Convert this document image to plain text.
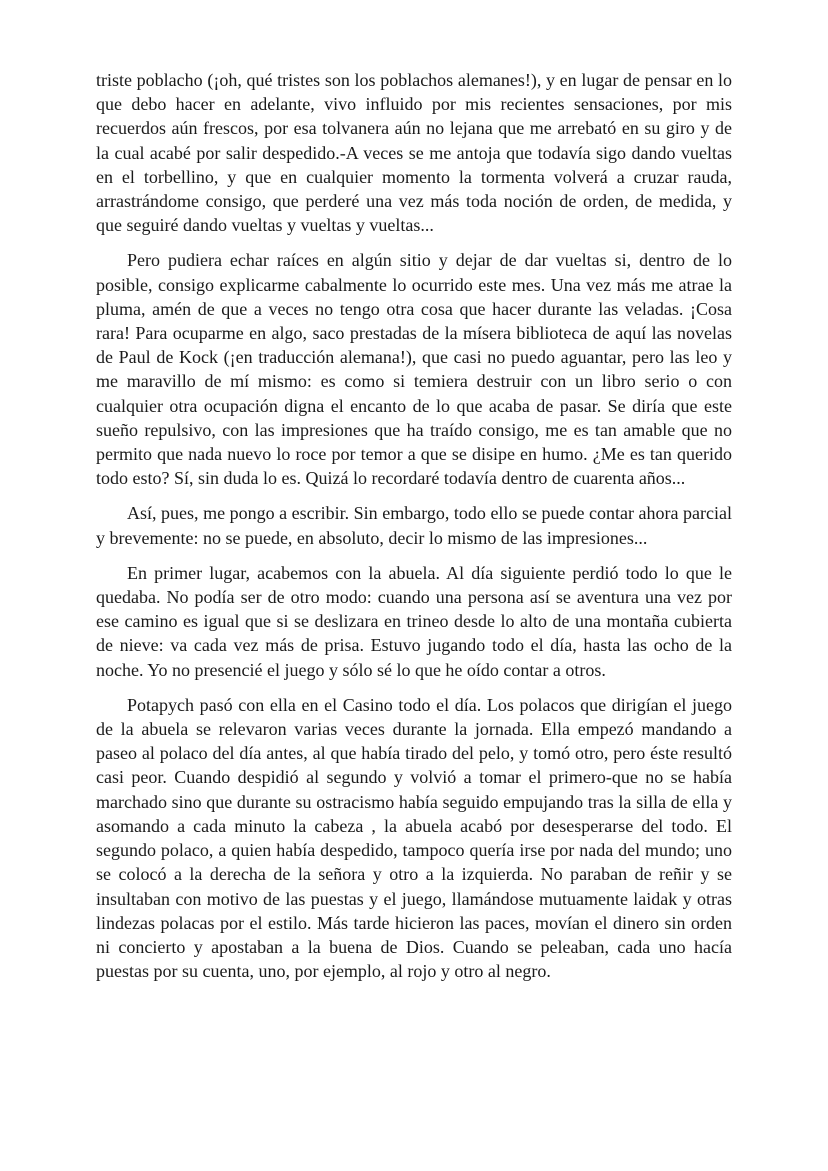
triste poblacho (¡oh, qué tristes son los poblachos alemanes!), y en lugar de pensar en lo que debo hacer en adelante, vivo influido por mis recientes sensaciones, por mis recuerdos aún frescos, por esa tolvanera aún no lejana que me arrebató en su giro y de la cual acabé por salir despedido.-A veces se me antoja que todavía sigo dando vueltas en el torbellino, y que en cualquier momento la tormenta volverá a cruzar rauda, arrastrándome consigo, que perderé una vez más toda noción de orden, de medida, y que seguiré dando vueltas y vueltas y vueltas...

Pero pudiera echar raíces en algún sitio y dejar de dar vueltas si, dentro de lo posible, consigo explicarme cabalmente lo ocurrido este mes. Una vez más me atrae la pluma, amén de que a veces no tengo otra cosa que hacer durante las veladas. ¡Cosa rara! Para ocuparme en algo, saco prestadas de la mísera biblioteca de aquí las novelas de Paul de Kock (¡en traducción alemana!), que casi no puedo aguantar, pero las leo y me maravillo de mí mismo: es como si temiera destruir con un libro serio o con cualquier otra ocupación digna el encanto de lo que acaba de pasar. Se diría que este sueño repulsivo, con las impresiones que ha traído consigo, me es tan amable que no permito que nada nuevo lo roce por temor a que se disipe en humo. ¿Me es tan querido todo esto? Sí, sin duda lo es. Quizá lo recordaré todavía dentro de cuarenta años...

Así, pues, me pongo a escribir. Sin embargo, todo ello se puede contar ahora parcial y brevemente: no se puede, en absoluto, decir lo mismo de las impresiones...

En primer lugar, acabemos con la abuela. Al día siguiente perdió todo lo que le quedaba. No podía ser de otro modo: cuando una persona así se aventura una vez por ese camino es igual que si se deslizara en trineo desde lo alto de una montaña cubierta de nieve: va cada vez más de prisa. Estuvo jugando todo el día, hasta las ocho de la noche. Yo no presencié el juego y sólo sé lo que he oído contar a otros.

Potapych pasó con ella en el Casino todo el día. Los polacos que dirigían el juego de la abuela se relevaron varias veces durante la jornada. Ella empezó mandando a paseo al polaco del día antes, al que había tirado del pelo, y tomó otro, pero éste resultó casi peor. Cuando despidió al segundo y volvió a tomar el primero-que no se había marchado sino que durante su ostracismo había seguido empujando tras la silla de ella y asomando a cada minuto la cabeza , la abuela acabó por desesperarse del todo. El segundo polaco, a quien había despedido, tampoco quería irse por nada del mundo; uno se colocó a la derecha de la señora y otro a la izquierda. No paraban de reñir y se insultaban con motivo de las puestas y el juego, llamándose mutuamente laidak y otras lindezas polacas por el estilo. Más tarde hicieron las paces, movían el dinero sin orden ni concierto y apostaban a la buena de Dios. Cuando se peleaban, cada uno hacía puestas por su cuenta, uno, por ejemplo, al rojo y otro al negro.
